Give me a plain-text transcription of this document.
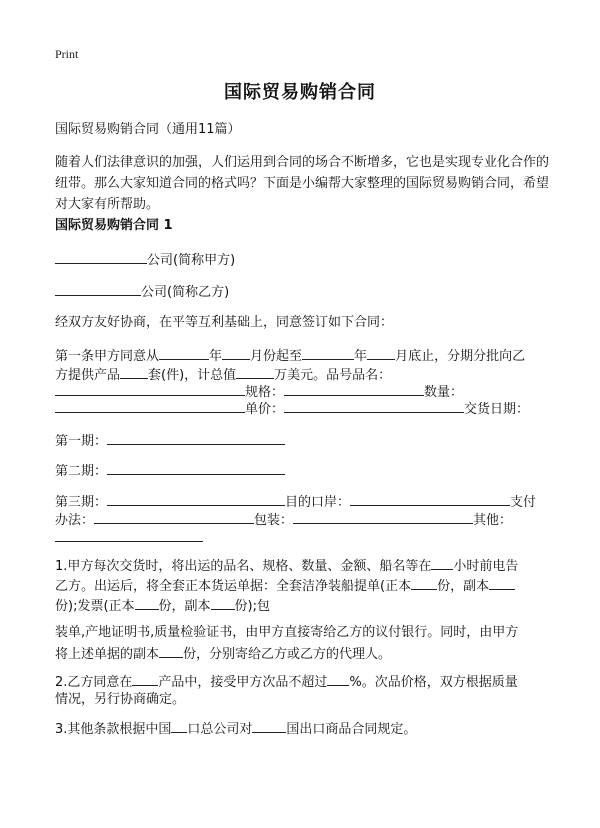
Print
国际贸易购销合同
国际贸易购销合同（通用11篇）
随着人们法律意识的加强，人们运用到合同的场合不断增多，它也是实现专业化合作的纽带。那么大家知道合同的格式吗？下面是小编帮大家整理的国际贸易购销合同，希望对大家有所帮助。
国际贸易购销合同 1
公司(简称甲方)
公司(简称乙方)
经双方友好协商，在平等互利基础上，同意签订如下合同：
第一条甲方同意从	年 月份起至	年 月底止，分期分批向乙
方提供产品 套(件)，计总值	万美元。品号品名：
规格：	数量：
单价：	交货日期：
第一期：
第二期：
第三期：	目的口岸：	支付
办法：	包装：	其他：
1.甲方每次交货时，将出运的品名、规格、数量、金额、船名等在 小时前电告
乙方。出运后，将全套正本货运单据：全套洁净装船提单(正本 份，副本
份);发票(正本 份，副本 份);包
装单,产地证明书,质量检验证书，由甲方直接寄给乙方的议付银行。同时，由甲方
将上述单据的副本 份，分别寄给乙方或乙方的代理人。
2.乙方同意在 产品中，接受甲方次品不超过 %。次品价格，双方根据质量
情况，另行协商确定。
3.其他条款根据中国 口总公司对	国出口商品合同规定。
